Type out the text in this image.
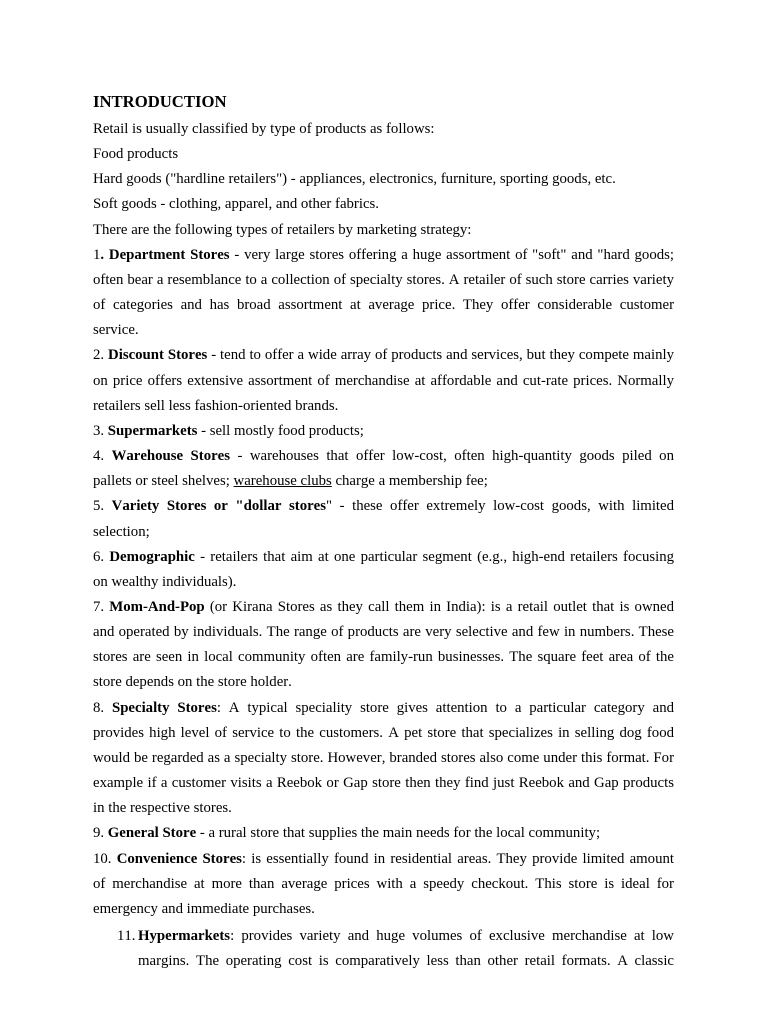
INTRODUCTION
Retail is usually classified by type of products as follows:
Food products
Hard goods ("hardline retailers") - appliances, electronics, furniture, sporting goods, etc.
Soft goods - clothing, apparel, and other fabrics.
There are the following types of retailers by marketing strategy:
1. Department Stores - very large stores offering a huge assortment of "soft" and "hard goods;
often bear a resemblance to a collection of specialty stores. A retailer of such store carries variety
of categories and has broad assortment at average price. They offer considerable customer
service.
2. Discount Stores - tend to offer a wide array of products and services, but they compete mainly
on price offers extensive assortment of merchandise at affordable and cut-rate prices. Normally
retailers sell less fashion-oriented brands.
3. Supermarkets - sell mostly food products;
4. Warehouse Stores - warehouses that offer low-cost, often high-quantity goods piled on
pallets or steel shelves; warehouse clubs charge a membership fee;
5. Variety Stores or "dollar stores" - these offer extremely low-cost goods, with limited
selection;
6. Demographic - retailers that aim at one particular segment (e.g., high-end retailers focusing
on wealthy individuals).
7. Mom-And-Pop (or Kirana Stores as they call them in India): is a retail outlet that is owned
and operated by individuals. The range of products are very selective and few in numbers. These
stores are seen in local community often are family-run businesses. The square feet area of the
store depends on the store holder.
8. Specialty Stores: A typical speciality store gives attention to a particular category and
provides high level of service to the customers. A pet store that specializes in selling dog food
would be regarded as a specialty store. However, branded stores also come under this format. For
example if a customer visits a Reebok or Gap store then they find just Reebok and Gap products
in the respective stores.
9. General Store - a rural store that supplies the main needs for the local community;
10. Convenience Stores: is essentially found in residential areas. They provide limited amount
of merchandise at more than average prices with a speedy checkout. This store is ideal for
emergency and immediate purchases.
11. Hypermarkets: provides variety and huge volumes of exclusive merchandise at low
margins. The operating cost is comparatively less than other retail formats. A classic
